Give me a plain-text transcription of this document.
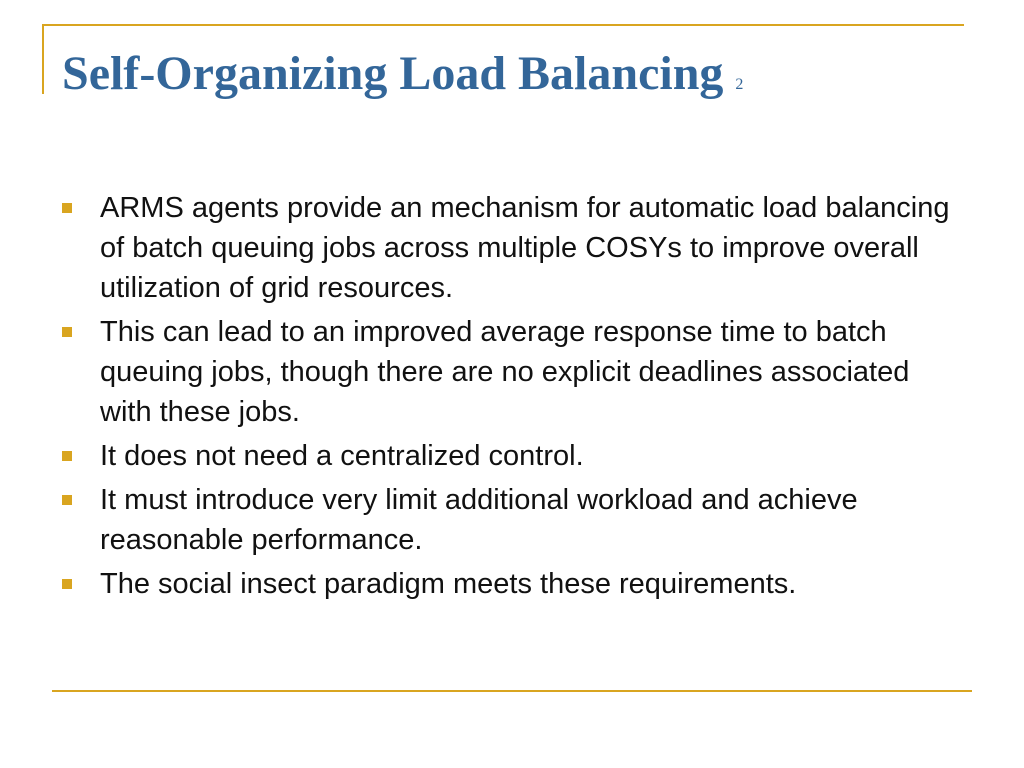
Self-Organizing Load Balancing 2
ARMS agents provide an mechanism for automatic load balancing of batch queuing jobs across multiple COSYs to improve overall utilization of grid resources.
This can lead to an improved average response time to batch queuing jobs, though there are no explicit deadlines associated with these jobs.
It does not need a centralized control.
It must introduce very limit additional workload and achieve reasonable performance.
The social insect paradigm meets these requirements.
